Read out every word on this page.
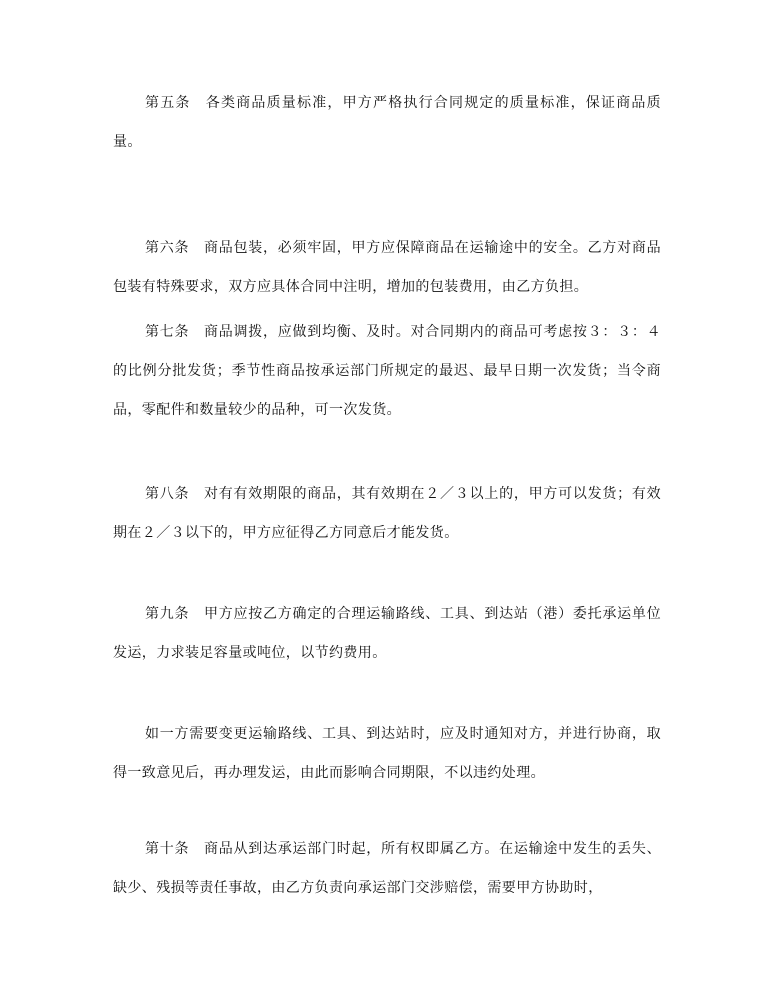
第五条　各类商品质量标准，甲方严格执行合同规定的质量标准，保证商品质量。

第六条　商品包装，必须牢固，甲方应保障商品在运输途中的安全。乙方对商品包装有特殊要求，双方应具体合同中注明，增加的包装费用，由乙方负担。

第七条　商品调拨，应做到均衡、及时。对合同期内的商品可考虑按３：３：４的比例分批发货；季节性商品按承运部门所规定的最迟、最早日期一次发货；当令商品，零配件和数量较少的品种，可一次发货。

第八条　对有有效期限的商品，其有效期在２／３以上的，甲方可以发货；有效期在２／３以下的，甲方应征得乙方同意后才能发货。

第九条　甲方应按乙方确定的合理运输路线、工具、到达站（港）委托承运单位发运，力求装足容量或吨位，以节约费用。

如一方需要变更运输路线、工具、到达站时，应及时通知对方，并进行协商，取得一致意见后，再办理发运，由此而影响合同期限，不以违约处理。

第十条　商品从到达承运部门时起，所有权即属乙方。在运输途中发生的丢失、缺少、残损等责任事故，由乙方负责向承运部门交涉赔偿，需要甲方协助时，
